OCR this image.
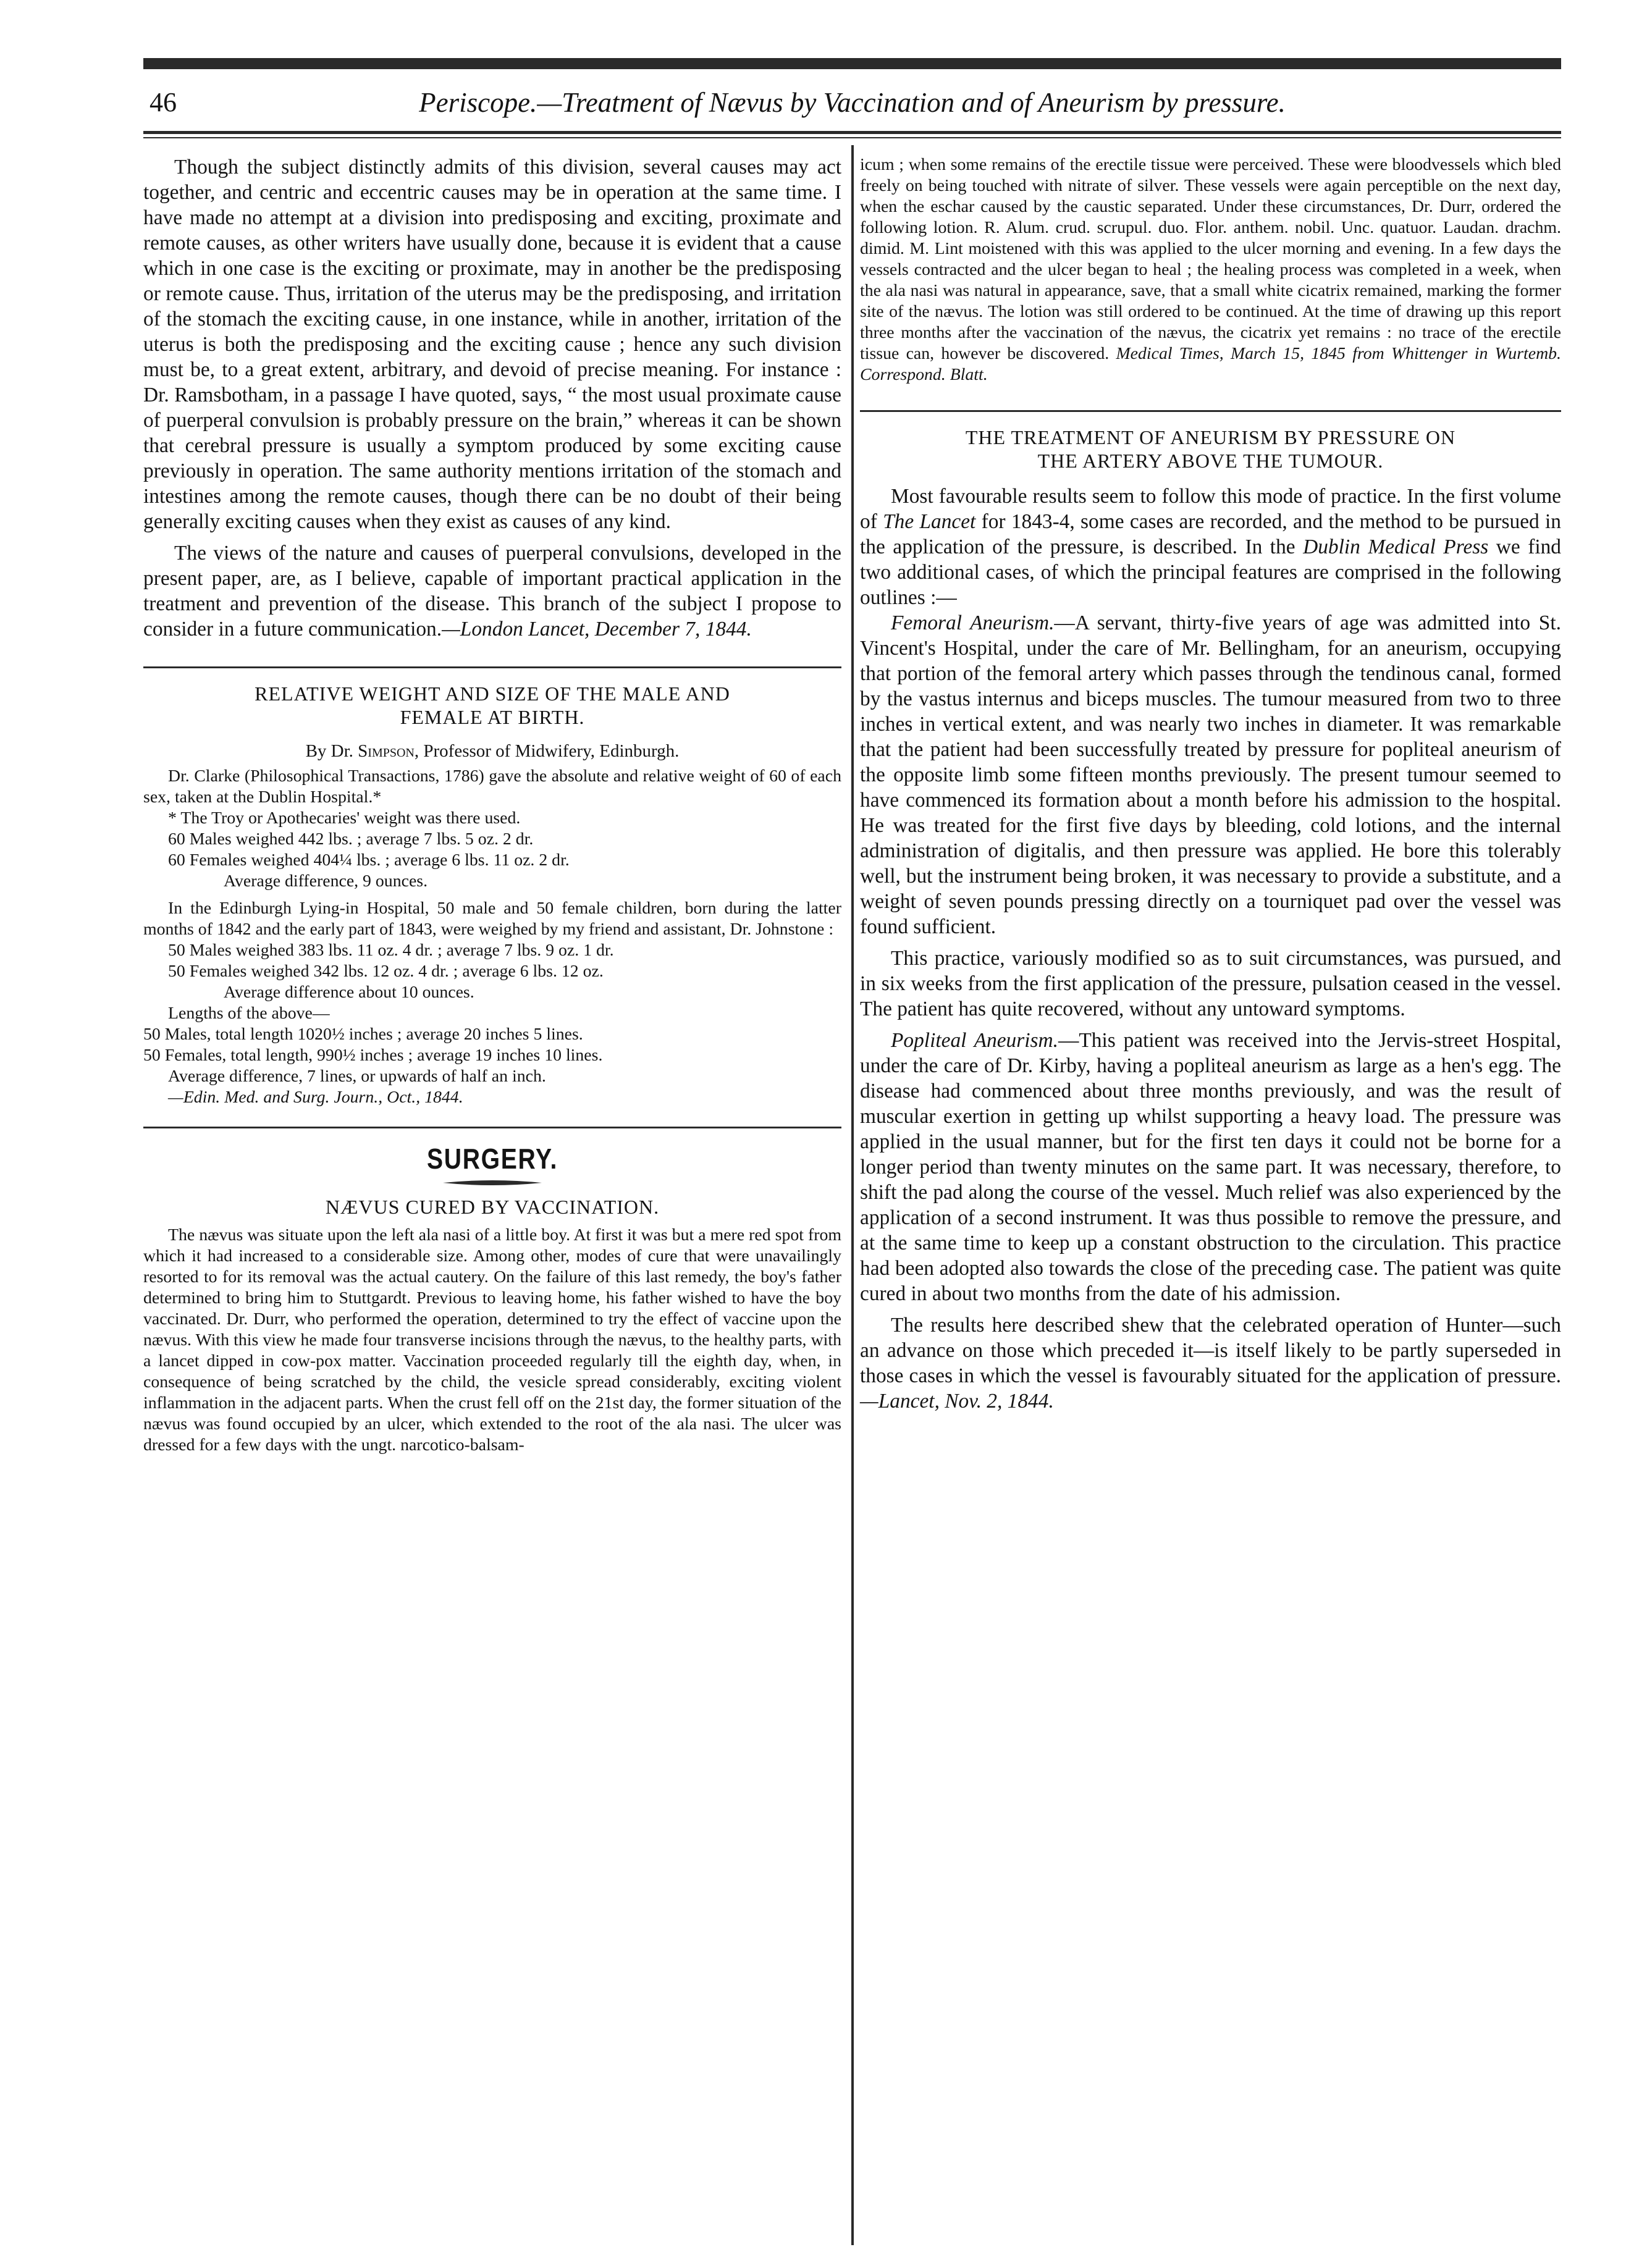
46	Periscope.—Treatment of Nævus by Vaccination and of Aneurism by pressure.

Though the subject distinctly admits of this division, several causes may act together, and centric and eccentric causes may be in operation at the same time. I have made no attempt at a division into predisposing and exciting, proximate and remote causes, as other writers have usually done, because it is evident that a cause which in one case is the exciting or proximate, may in another be the predisposing or remote cause. Thus, irritation of the uterus may be the predisposing, and irritation of the stomach the exciting cause, in one instance, while in another, irritation of the uterus is both the predisposing and the exciting cause ; hence any such division must be, to a great extent, arbitrary, and devoid of precise meaning. For instance : Dr. Ramsbotham, in a passage I have quoted, says, “ the most usual proximate cause of puerperal convulsion is probably pressure on the brain,” whereas it can be shown that cerebral pressure is usually a symptom produced by some exciting cause previously in operation. The same authority mentions irritation of the stomach and intestines among the remote causes, though there can be no doubt of their being generally exciting causes when they exist as causes of any kind.

The views of the nature and causes of puerperal convulsions, developed in the present paper, are, as I believe, capable of important practical application in the treatment and prevention of the disease. This branch of the subject I propose to consider in a future communication.—London Lancet, December 7, 1844.

RELATIVE WEIGHT AND SIZE OF THE MALE AND

FEMALE AT BIRTH.

By Dr. Simpson, Professor of Midwifery, Edinburgh.

Dr. Clarke (Philosophical Transactions, 1786) gave the absolute and relative weight of 60 of each sex, taken at the Dublin Hospital.*

* The Troy or Apothecaries' weight was there used.

60 Males weighed 442 lbs. ; average 7 lbs. 5 oz. 2 dr.

60 Females weighed 404¼ lbs. ; average 6 lbs. 11 oz. 2 dr.

Average difference, 9 ounces.

In the Edinburgh Lying-in Hospital, 50 male and 50 female children, born during the latter months of 1842 and the early part of 1843, were weighed by my friend and assistant, Dr. Johnstone :

50 Males weighed 383 lbs. 11 oz. 4 dr. ; average 7 lbs. 9 oz. 1 dr.

50 Females weighed 342 lbs. 12 oz. 4 dr. ; average 6 lbs. 12 oz.

Average difference about 10 ounces.

Lengths of the above—

50 Males, total length 1020½ inches ; average 20 inches 5 lines.

50 Females, total length, 990½ inches ; average 19 inches 10 lines.

Average difference, 7 lines, or upwards of half an inch.

—Edin. Med. and Surg. Journ., Oct., 1844.

SURGERY.

NÆVUS CURED BY VACCINATION.

The nævus was situate upon the left ala nasi of a little boy. At first it was but a mere red spot from which it had increased to a considerable size. Among other, modes of cure that were unavailingly resorted to for its removal was the actual cautery. On the failure of this last remedy, the boy's father determined to bring him to Stuttgardt. Previous to leaving home, his father wished to have the boy vaccinated. Dr. Durr, who performed the operation, determined to try the effect of vaccine upon the nævus. With this view he made four transverse incisions through the nævus, to the healthy parts, with a lancet dipped in cow-pox matter. Vaccination proceeded regularly till the eighth day, when, in consequence of being scratched by the child, the vesicle spread considerably, exciting violent inflammation in the adjacent parts. When the crust fell off on the 21st day, the former situation of the nævus was found occupied by an ulcer, which extended to the root of the ala nasi. The ulcer was dressed for a few days with the ungt. narcotico-balsam-

icum ; when some remains of the erectile tissue were perceived. These were bloodvessels which bled freely on being touched with nitrate of silver. These vessels were again perceptible on the next day, when the eschar caused by the caustic separated. Under these circumstances, Dr. Durr, ordered the following lotion. R. Alum. crud. scrupul. duo. Flor. anthem. nobil. Unc. quatuor. Laudan. drachm. dimid. M. Lint moistened with this was applied to the ulcer morning and evening. In a few days the vessels contracted and the ulcer began to heal ; the healing process was completed in a week, when the ala nasi was natural in appearance, save, that a small white cicatrix remained, marking the former site of the nævus. The lotion was still ordered to be continued. At the time of drawing up this report three months after the vaccination of the nævus, the cicatrix yet remains : no trace of the erectile tissue can, however be discovered. Medical Times, March 15, 1845 from Whittenger in Wurtemb. Correspond. Blatt.

THE TREATMENT OF ANEURISM BY PRESSURE ON

THE ARTERY ABOVE THE TUMOUR.

Most favourable results seem to follow this mode of practice. In the first volume of The Lancet for 1843-4, some cases are recorded, and the method to be pursued in the application of the pressure, is described. In the Dublin Medical Press we find two additional cases, of which the principal features are comprised in the following outlines :—

Femoral Aneurism.—A servant, thirty-five years of age was admitted into St. Vincent's Hospital, under the care of Mr. Bellingham, for an aneurism, occupying that portion of the femoral artery which passes through the tendinous canal, formed by the vastus internus and biceps muscles. The tumour measured from two to three inches in vertical extent, and was nearly two inches in diameter. It was remarkable that the patient had been successfully treated by pressure for popliteal aneurism of the opposite limb some fifteen months previously. The present tumour seemed to have commenced its formation about a month before his admission to the hospital. He was treated for the first five days by bleeding, cold lotions, and the internal administration of digitalis, and then pressure was applied. He bore this tolerably well, but the instrument being broken, it was necessary to provide a substitute, and a weight of seven pounds pressing directly on a tourniquet pad over the vessel was found sufficient.

This practice, variously modified so as to suit circumstances, was pursued, and in six weeks from the first application of the pressure, pulsation ceased in the vessel. The patient has quite recovered, without any untoward symptoms.

Popliteal Aneurism.—This patient was received into the Jervis-street Hospital, under the care of Dr. Kirby, having a popliteal aneurism as large as a hen's egg. The disease had commenced about three months previously, and was the result of muscular exertion in getting up whilst supporting a heavy load. The pressure was applied in the usual manner, but for the first ten days it could not be borne for a longer period than twenty minutes on the same part. It was necessary, therefore, to shift the pad along the course of the vessel. Much relief was also experienced by the application of a second instrument. It was thus possible to remove the pressure, and at the same time to keep up a constant obstruction to the circulation. This practice had been adopted also towards the close of the preceding case. The patient was quite cured in about two months from the date of his admission.

The results here described shew that the celebrated operation of Hunter—such an advance on those which preceded it—is itself likely to be partly superseded in those cases in which the vessel is favourably situated for the application of pressure.—Lancet, Nov. 2, 1844.
